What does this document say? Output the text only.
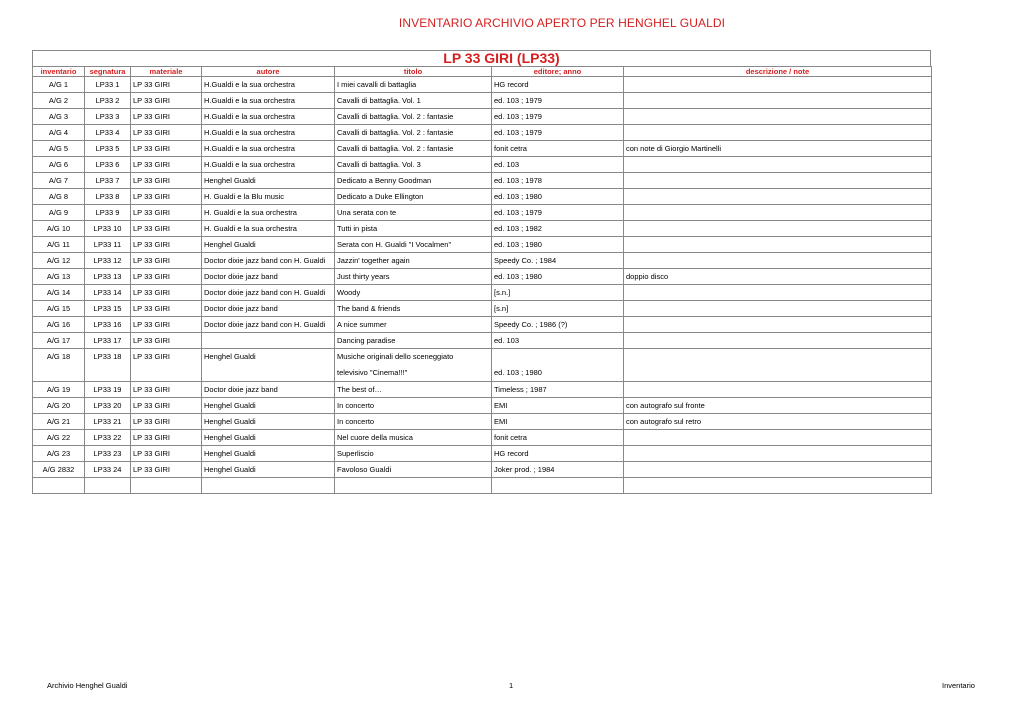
INVENTARIO ARCHIVIO APERTO PER HENGHEL GUALDI
LP 33 GIRI (LP33)
inventario	segnatura	materiale	autore	titolo	editore; anno	descrizione / note
A/G 1	LP33 1	LP 33 GIRI	H.Gualdi e la sua orchestra	I miei cavalli di battaglia	HG record	
A/G 2	LP33 2	LP 33 GIRI	H.Gualdi e la sua orchestra	Cavalli di battaglia. Vol. 1	ed. 103 ; 1979	
A/G 3	LP33 3	LP 33 GIRI	H.Gualdi e la sua orchestra	Cavalli di battaglia. Vol. 2 : fantasie	ed. 103 ; 1979	
A/G 4	LP33 4	LP 33 GIRI	H.Gualdi e la sua orchestra	Cavalli di battaglia. Vol. 2 : fantasie	ed. 103 ; 1979	
A/G 5	LP33 5	LP 33 GIRI	H.Gualdi e la sua orchestra	Cavalli di battaglia. Vol. 2 : fantasie	fonit cetra	con note di Giorgio Martinelli
A/G 6	LP33 6	LP 33 GIRI	H.Gualdi e la sua orchestra	Cavalli di battaglia. Vol. 3	ed. 103	
A/G 7	LP33 7	LP 33 GIRI	Henghel Gualdi	Dedicato a Benny Goodman	ed. 103 ; 1978	
A/G 8	LP33 8	LP 33 GIRI	H. Gualdi e la Blu music	Dedicato a Duke Ellington	ed. 103 ; 1980	
A/G 9	LP33 9	LP 33 GIRI	H. Gualdi e la sua orchestra	Una serata con te	ed. 103 ; 1979	
A/G 10	LP33 10	LP 33 GIRI	H. Gualdi e la sua orchestra	Tutti in pista	ed. 103 ; 1982	
A/G 11	LP33 11	LP 33 GIRI	Henghel Gualdi	Serata con H. Gualdi "I Vocalmen"	ed. 103 ; 1980	
A/G 12	LP33 12	LP 33 GIRI	Doctor dixie jazz band con H. Gualdi	Jazzin' together again	Speedy Co. ; 1984	
A/G 13	LP33 13	LP 33 GIRI	Doctor dixie jazz band	Just thirty years	ed. 103 ; 1980	doppio disco
A/G 14	LP33 14	LP 33 GIRI	Doctor dixie jazz band con H. Gualdi	Woody	[s.n.]	
A/G 15	LP33 15	LP 33 GIRI	Doctor dixie jazz band	The band & friends	[s.n]	
A/G 16	LP33 16	LP 33 GIRI	Doctor dixie jazz band con H. Gualdi	A nice summer	Speedy Co. ; 1986 (?)	
A/G 17	LP33 17	LP 33 GIRI		Dancing paradise	ed. 103	
A/G 18	LP33 18	LP 33 GIRI	Henghel Gualdi	Musiche originali dello sceneggiato
televisivo "Cinema!!!"	ed. 103 ; 1980	

A/G 19	LP33 19	LP 33 GIRI	Doctor dixie jazz band	The best of…	Timeless ; 1987	
A/G 20	LP33 20	LP 33 GIRI	Henghel Gualdi	In concerto	EMI	con autografo sul fronte
A/G 21	LP33 21	LP 33 GIRI	Henghel Gualdi	In concerto	EMI	con autografo sul retro
A/G 22	LP33 22	LP 33 GIRI	Henghel Gualdi	Nel cuore della musica	fonit cetra	
A/G 23	LP33 23	LP 33 GIRI	Henghel Gualdi	Superliscio	HG record	
A/G 2832	LP33 24	LP 33 GIRI	Henghel Gualdi	Favoloso Gualdi	Joker prod. ; 1984	

Archivio Henghel Gualdi	1	Inventario
